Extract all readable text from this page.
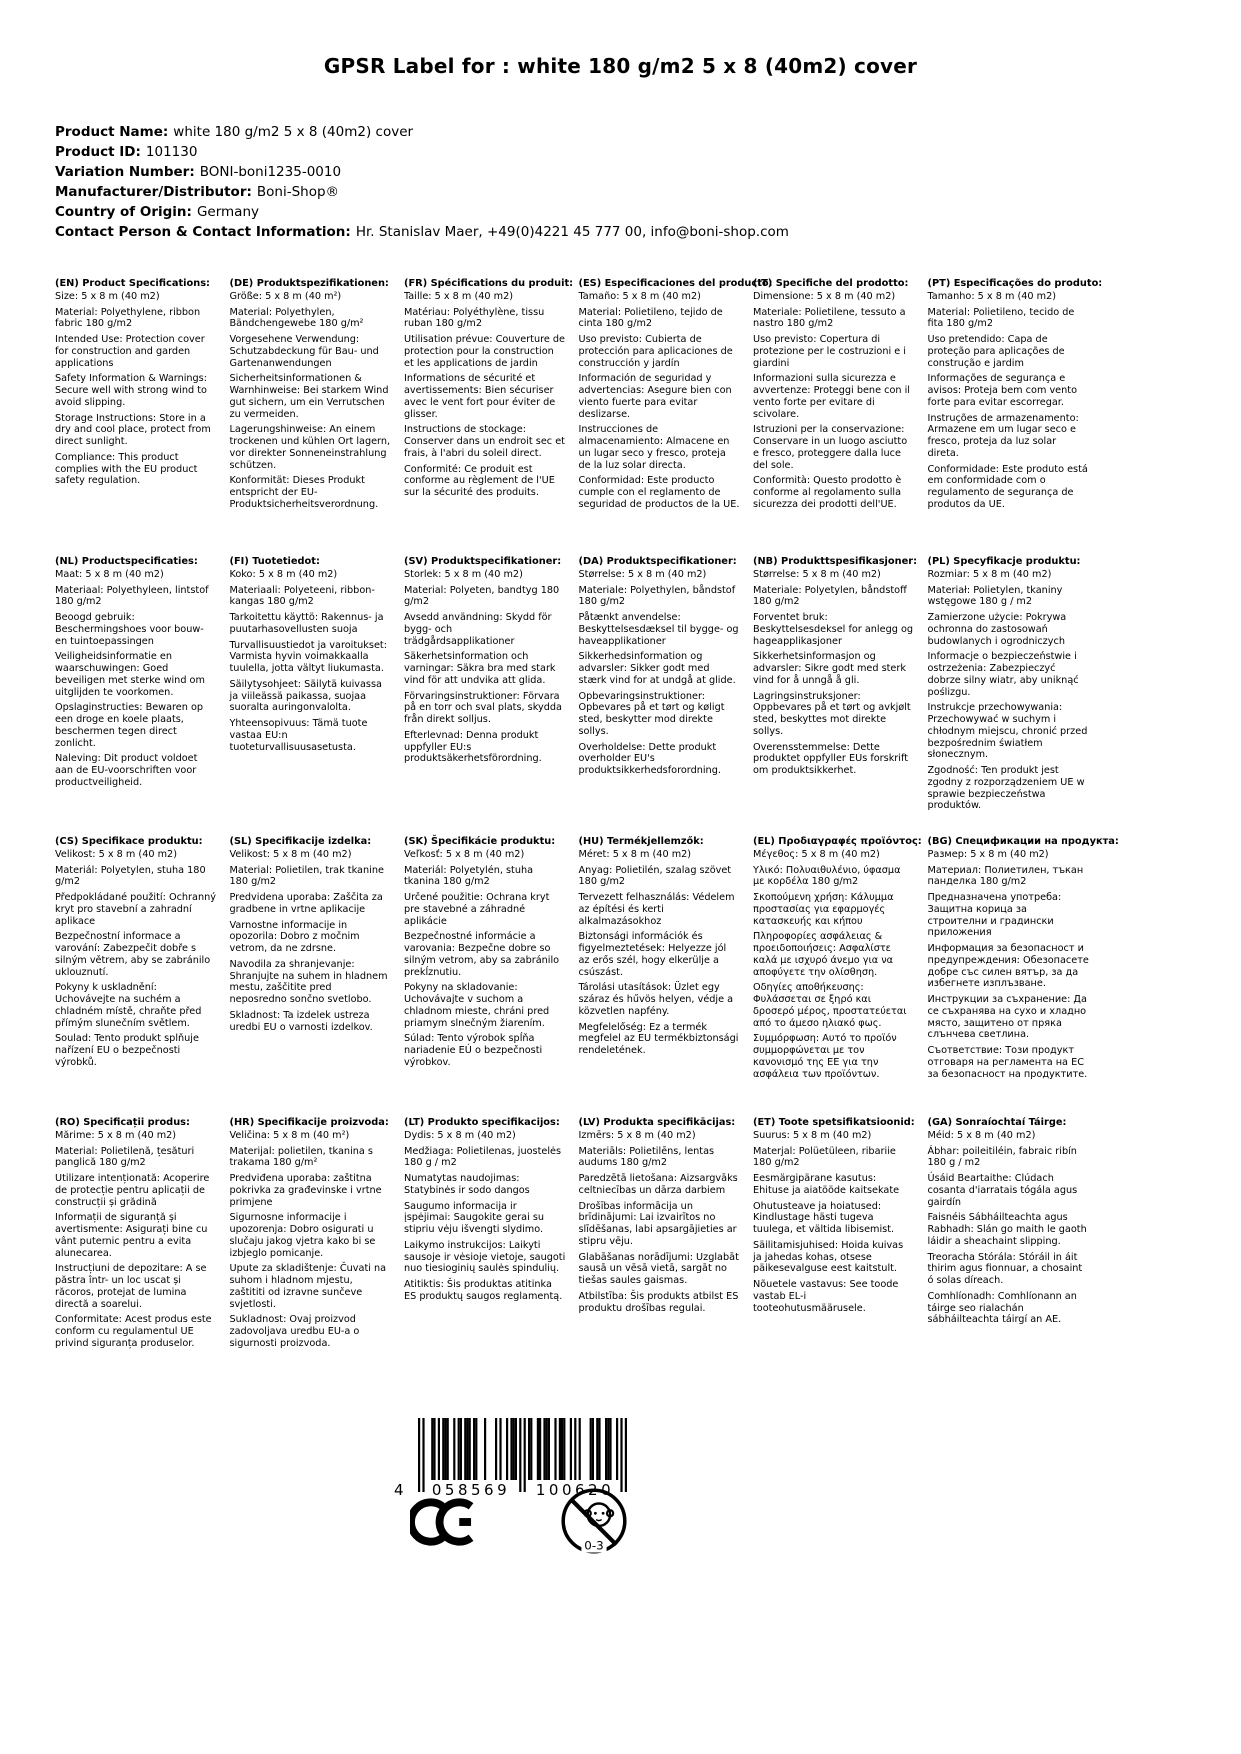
GPSR Label for : white 180 g/m2 5 x 8 (40m2) cover
Product Name: white 180 g/m2 5 x 8 (40m2) cover
Product ID: 101130
Variation Number: BONI-boni1235-0010
Manufacturer/Distributor: Boni-Shop®
Country of Origin: Germany
Contact Person & Contact Information: Hr. Stanislav Maer, +49(0)4221 45 777 00, info@boni-shop.com
(EN) Product Specifications:

Size: 5 x 8 m (40 m2)

Material: Polyethylene, ribbon fabric 180 g/m2

Intended Use: Protection cover for construction and garden applications

Safety Information & Warnings: Secure well with strong wind to avoid slipping.

Storage Instructions: Store in a dry and cool place, protect from direct sunlight.

Compliance: This product complies with the EU product safety regulation.

(DE) Produktspezifikationen:

Größe: 5 x 8 m (40 m²)

Material: Polyethylen, Bändchengewebe 180 g/m²

Vorgesehene Verwendung: Schutzabdeckung für Bau- und Gartenanwendungen

Sicherheitsinformationen & Warnhinweise: Bei starkem Wind gut sichern, um ein Verrutschen zu vermeiden.

Lagerungshinweise: An einem trockenen und kühlen Ort lagern, vor direkter Sonneneinstrahlung schützen.

Konformität: Dieses Produkt entspricht der EU-Produktsicherheitsverordnung.

(FR) Spécifications du produit:

Taille: 5 x 8 m (40 m2)

Matériau: Polyéthylène, tissu ruban 180 g/m2

Utilisation prévue: Couverture de protection pour la construction et les applications de jardin

Informations de sécurité et avertissements: Bien sécuriser avec le vent fort pour éviter de glisser.

Instructions de stockage: Conserver dans un endroit sec et frais, à l'abri du soleil direct.

Conformité: Ce produit est conforme au règlement de l'UE sur la sécurité des produits.

(ES) Especificaciones del producto:

Tamaño: 5 x 8 m (40 m2)

Material: Polietileno, tejido de cinta 180 g/m2

Uso previsto: Cubierta de protección para aplicaciones de construcción y jardín

Información de seguridad y advertencias: Asegure bien con viento fuerte para evitar deslizarse.

Instrucciones de almacenamiento: Almacene en un lugar seco y fresco, proteja de la luz solar directa.

Conformidad: Este producto cumple con el reglamento de seguridad de productos de la UE.

(IT) Specifiche del prodotto:

Dimensione: 5 x 8 m (40 m2)

Materiale: Polietilene, tessuto a nastro 180 g/m2

Uso previsto: Copertura di protezione per le costruzioni e i giardini

Informazioni sulla sicurezza e avvertenze: Proteggi bene con il vento forte per evitare di scivolare.

Istruzioni per la conservazione: Conservare in un luogo asciutto e fresco, proteggere dalla luce del sole.

Conformità: Questo prodotto è conforme al regolamento sulla sicurezza dei prodotti dell'UE.

(PT) Especificações do produto:

Tamanho: 5 x 8 m (40 m2)

Material: Polietileno, tecido de fita 180 g/m2

Uso pretendido: Capa de proteção para aplicações de construção e jardim

Informações de segurança e avisos: Proteja bem com vento forte para evitar escorregar.

Instruções de armazenamento: Armazene em um lugar seco e fresco, proteja da luz solar direta.

Conformidade: Este produto está em conformidade com o regulamento de segurança de produtos da UE.

(NL) Productspecificaties:

Maat: 5 x 8 m (40 m2)

Materiaal: Polyethyleen, lintstof 180 g/m2

Beoogd gebruik: Beschermingshoes voor bouw- en tuintoepassingen

Veiligheidsinformatie en waarschuwingen: Goed beveiligen met sterke wind om uitglijden te voorkomen.

Opslaginstructies: Bewaren op een droge en koele plaats, beschermen tegen direct zonlicht.

Naleving: Dit product voldoet aan de EU-voorschriften voor productveiligheid.

(FI) Tuotetiedot:

Koko: 5 x 8 m (40 m2)

Materiaali: Polyeteeni, ribbon-kangas 180 g/m2

Tarkoitettu käyttö: Rakennus- ja puutarhasovellusten suoja

Turvallisuustiedot ja varoitukset: Varmista hyvin voimakkaalla tuulella, jotta vältyt liukumasta.

Säilytysohjeet: Säilytä kuivassa ja viileässä paikassa, suojaa suoralta auringonvalolta.

Yhteensopivuus: Tämä tuote vastaa EU:n tuoteturvallisuusasetusta.

(SV) Produktspecifikationer:

Storlek: 5 x 8 m (40 m2)

Material: Polyeten, bandtyg 180 g/m2

Avsedd användning: Skydd för bygg- och trädgårdsapplikationer

Säkerhetsinformation och varningar: Säkra bra med stark vind för att undvika att glida.

Förvaringsinstruktioner: Förvara på en torr och sval plats, skydda från direkt solljus.

Efterlevnad: Denna produkt uppfyller EU:s produktsäkerhetsförordning.

(DA) Produktspecifikationer:

Størrelse: 5 x 8 m (40 m2)

Materiale: Polyethylen, båndstof 180 g/m2

Påtænkt anvendelse: Beskyttelsesdæksel til bygge- og haveapplikationer

Sikkerhedsinformation og advarsler: Sikker godt med stærk vind for at undgå at glide.

Opbevaringsinstruktioner: Opbevares på et tørt og køligt sted, beskytter mod direkte sollys.

Overholdelse: Dette produkt overholder EU's produktsikkerhedsforordning.

(NB) Produkttspesifikasjoner:

Størrelse: 5 x 8 m (40 m2)

Materiale: Polyetylen, båndstoff 180 g/m2

Forventet bruk: Beskyttelsesdeksel for anlegg og hageapplikasjoner

Sikkerhetsinformasjon og advarsler: Sikre godt med sterk vind for å unngå å gli.

Lagringsinstruksjoner: Oppbevares på et tørt og avkjølt sted, beskyttes mot direkte sollys.

Overensstemmelse: Dette produktet oppfyller EUs forskrift om produktsikkerhet.

(PL) Specyfikacje produktu:

Rozmiar: 5 x 8 m (40 m2)

Materiał: Polietylen, tkaniny wstęgowe 180 g / m2

Zamierzone użycie: Pokrywa ochronna do zastosowań budowlanych i ogrodniczych

Informacje o bezpieczeństwie i ostrzeżenia: Zabezpieczyć dobrze silny wiatr, aby uniknąć poślizgu.

Instrukcje przechowywania: Przechowywać w suchym i chłodnym miejscu, chronić przed bezpośrednim światłem słonecznym.

Zgodność: Ten produkt jest zgodny z rozporządzeniem UE w sprawie bezpieczeństwa produktów.

(CS) Specifikace produktu:

Velikost: 5 x 8 m (40 m2)

Materiál: Polyetylen, stuha 180 g/m2

Předpokládané použití: Ochranný kryt pro stavební a zahradní aplikace

Bezpečnostní informace a varování: Zabezpečit dobře s silným větrem, aby se zabránilo uklouznutí.

Pokyny k uskladnění: Uchovávejte na suchém a chladném místě, chraňte před přímým slunečním světlem.

Soulad: Tento produkt splňuje nařízení EU o bezpečnosti výrobků.

(SL) Specifikacije izdelka:

Velikost: 5 x 8 m (40 m2)

Material: Polietilen, trak tkanine 180 g/m2

Predvidena uporaba: Zaščita za gradbene in vrtne aplikacije

Varnostne informacije in opozorila: Dobro z močnim vetrom, da ne zdrsne.

Navodila za shranjevanje: Shranjujte na suhem in hladnem mestu, zaščitite pred neposredno sončno svetlobo.

Skladnost: Ta izdelek ustreza uredbi EU o varnosti izdelkov.

(SK) Špecifikácie produktu:

Veľkosť: 5 x 8 m (40 m2)

Materiál: Polyetylén, stuha tkanina 180 g/m2

Určené použitie: Ochrana kryt pre stavebné a záhradné aplikácie

Bezpečnostné informácie a varovania: Bezpečne dobre so silným vetrom, aby sa zabránilo prekĺznutiu.

Pokyny na skladovanie: Uchovávajte v suchom a chladnom mieste, chráni pred priamym slnečným žiarením.

Súlad: Tento výrobok spĺňa nariadenie EÚ o bezpečnosti výrobkov.

(HU) Termékjellemzők:

Méret: 5 x 8 m (40 m2)

Anyag: Polietilén, szalag szövet 180 g/m2

Tervezett felhasználás: Védelem az építési és kerti alkalmazásokhoz

Biztonsági információk és figyelmeztetések: Helyezze jól az erős szél, hogy elkerülje a csúszást.

Tárolási utasítások: Üzlet egy száraz és hűvös helyen, védje a közvetlen napfény.

Megfelelőség: Ez a termék megfelel az EU termékbiztonsági rendeletének.

(EL) Προδιαγραφές προϊόντος:

Μέγεθος: 5 x 8 m (40 m2)

Υλικό: Πολυαιθυλένιο, ύφασμα με κορδέλα 180 g/m2

Σκοπούμενη χρήση: Κάλυμμα προστασίας για εφαρμογές κατασκευής και κήπου

Πληροφορίες ασφάλειας & προειδοποιήσεις: Ασφαλίστε καλά με ισχυρό άνεμο για να αποφύγετε την ολίσθηση.

Οδηγίες αποθήκευσης: Φυλάσσεται σε ξηρό και δροσερό μέρος, προστατεύεται από το άμεσο ηλιακό φως.

Συμμόρφωση: Αυτό το προϊόν συμμορφώνεται με τον κανονισμό της ΕΕ για την ασφάλεια των προϊόντων.

(BG) Спецификации на продукта:

Размер: 5 x 8 m (40 m2)

Материал: Полиетилен, тъкан панделка 180 g/m2

Предназначена употреба: Защитна корица за строителни и градински приложения

Информация за безопасност и предупреждения: Обезопасете добре със силен вятър, за да избегнете изплъзване.

Инструкции за съхранение: Да се съхранява на сухо и хладно място, защитено от пряка слънчева светлина.

Съответствие: Този продукт отговаря на регламента на ЕС за безопасност на продуктите.

(RO) Specificații produs:

Mărime: 5 x 8 m (40 m2)

Material: Polietilenă, țesături panglică 180 g/m2

Utilizare intenționată: Acoperire de protecție pentru aplicații de construcții și grădină

Informații de siguranță și avertismente: Asigurați bine cu vânt puternic pentru a evita alunecarea.

Instrucțiuni de depozitare: A se păstra într- un loc uscat și răcoros, protejat de lumina directă a soarelui.

Conformitate: Acest produs este conform cu regulamentul UE privind siguranța produselor.

(HR) Specifikacije proizvoda:

Veličina: 5 x 8 m (40 m²)

Materijal: polietilen, tkanina s trakama 180 g/m²

Predviđena uporaba: zaštitna pokrivka za građevinske i vrtne primjene

Sigurnosne informacije i upozorenja: Dobro osigurati u slučaju jakog vjetra kako bi se izbjeglo pomicanje.

Upute za skladištenje: Čuvati na suhom i hladnom mjestu, zaštititi od izravne sunčeve svjetlosti.

Sukladnost: Ovaj proizvod zadovoljava uredbu EU-a o sigurnosti proizvoda.

(LT) Produkto specifikacijos:

Dydis: 5 x 8 m (40 m2)

Medžiaga: Polietilenas, juostelės 180 g / m2

Numatytas naudojimas: Statybinės ir sodo dangos

Saugumo informacija ir įspėjimai: Saugokite gerai su stipriu vėju išvengti slydimo.

Laikymo instrukcijos: Laikyti sausoje ir vėsioje vietoje, saugoti nuo tiesioginių saulės spindulių.

Atitiktis: Šis produktas atitinka ES produktų saugos reglamentą.

(LV) Produkta specifikācijas:

Izmērs: 5 x 8 m (40 m2)

Materiāls: Polietilēns, lentas audums 180 g/m2

Paredzētā lietošana: Aizsargvāks celtniecības un dārza darbiem

Drošības informācija un brīdinājumi: Lai izvairītos no slīdēšanas, labi apsargājieties ar stipru vēju.

Glabāšanas norādījumi: Uzglabāt sausā un vēsā vietā, sargāt no tiešas saules gaismas.

Atbilstība: Šis produkts atbilst ES produktu drošības regulai.

(ET) Toote spetsifikatsioonid:

Suurus: 5 x 8 m (40 m2)

Materjal: Polüetüleen, ribariie 180 g/m2

Eesmärgipärane kasutus: Ehituse ja aiatööde kaitsekate

Ohutusteave ja hoiatused: Kindlustage hästi tugeva tuulega, et vältida libisemist.

Säilitamisjuhised: Hoida kuivas ja jahedas kohas, otsese päikesevalguse eest kaitstult.

Nõuetele vastavus: See toode vastab EL-i tooteohutusmäärusele.

(GA) Sonraíochtaí Táirge:

Méid: 5 x 8 m (40 m2)

Ábhar: poileitiléin, fabraic ribín 180 g / m2

Úsáid Beartaithe: Clúdach cosanta d'iarratais tógála agus gairdín

Faisnéis Sábháilteachta agus Rabhadh: Slán go maith le gaoth láidir a sheachaint slipping.

Treoracha Stórála: Stóráil in áit thirim agus fionnuar, a chosaint ó solas díreach.

Comhlíonadh: Comhlíonann an táirge seo rialachán sábháilteachta táirgí an AE.

4 058569 100620
0-3
